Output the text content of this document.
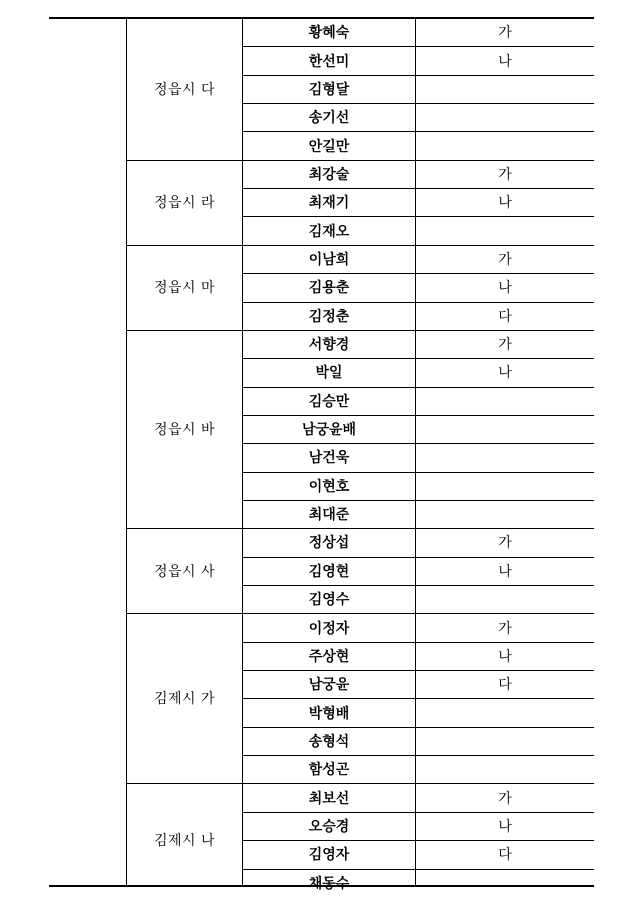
정읍시 다
황혜숙	가
한선미	나
김형달
송기선
안길만
정읍시 라
최강술	가
최재기	나
김재오
정읍시 마
이남희	가
김용춘	나
김정춘	다
정읍시 바
서향경	가
박일	나
김승만
남궁윤배
남건욱
이현호
최대준
정읍시 사
정상섭	가
김영현	나
김영수
김제시 가
이정자	가
주상현	나
남궁윤	다
박형배
송형석
함성곤
김제시 나
최보선	가
오승경	나
김영자	다
채동수
